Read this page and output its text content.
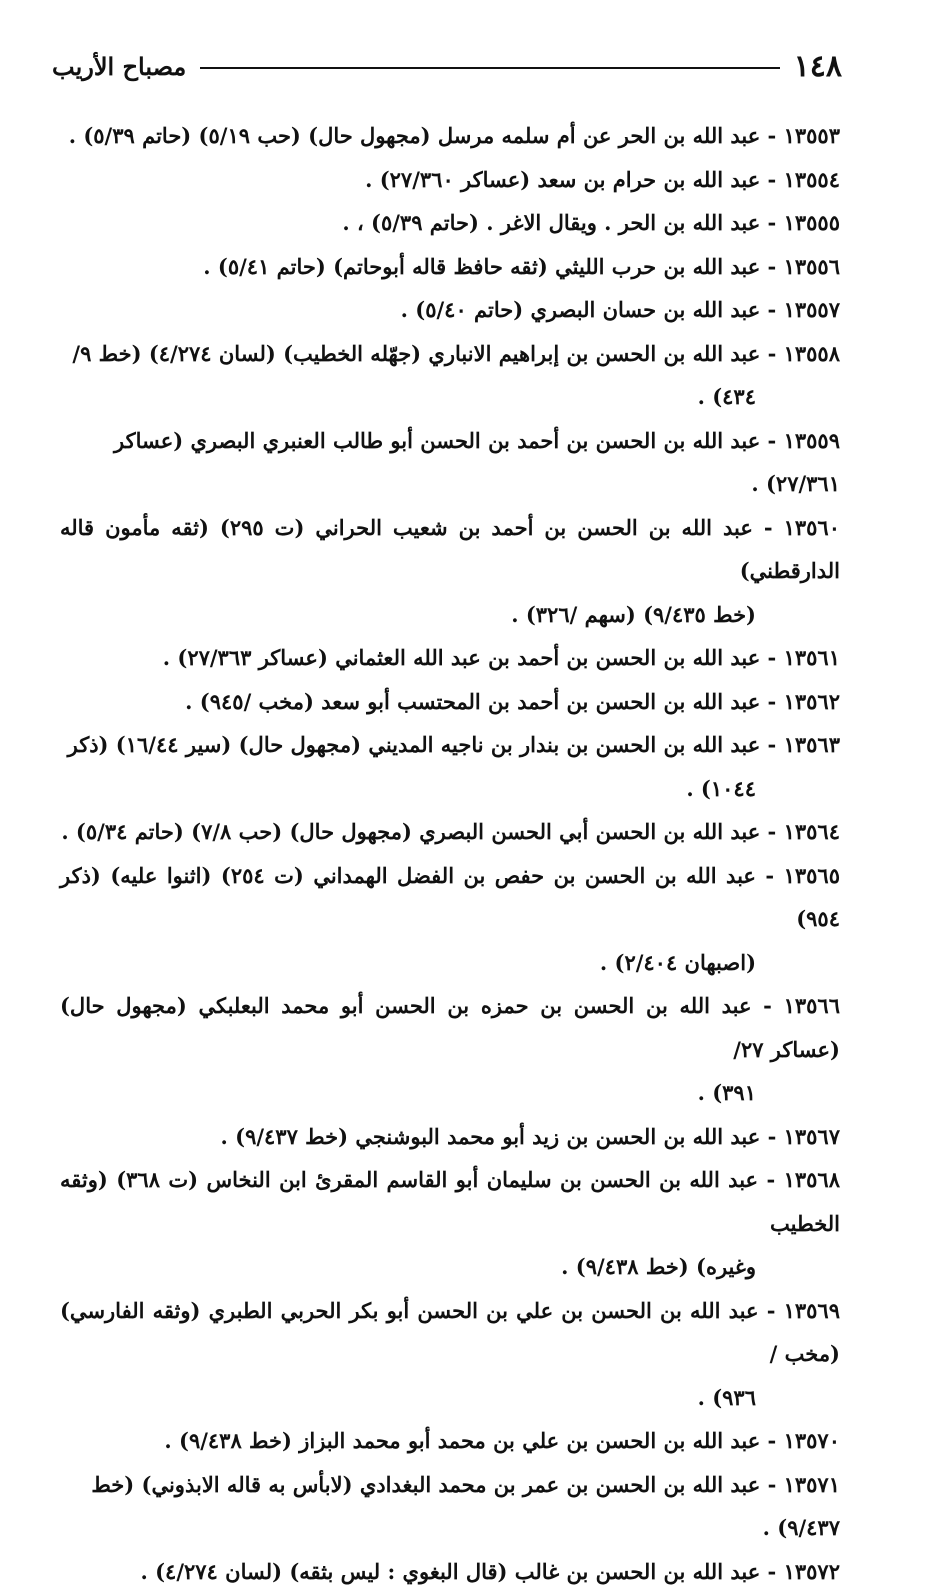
١٤٨
مصباح الأريب

١٣٥٥٣ - عبد الله بن الحر عن أم سلمه مرسل (مجهول حال) (حب ٥/١٩) (حاتم ٥/٣٩) .

١٣٥٥٤ - عبد الله بن حرام بن سعد (عساكر ٢٧/٣٦٠) .

١٣٥٥٥ - عبد الله بن الحر . ويقال الاغر . (حاتم ٥/٣٩) ، .

١٣٥٥٦ - عبد الله بن حرب الليثي (ثقه حافظ قاله أبوحاتم) (حاتم ٥/٤١) .

١٣٥٥٧ - عبد الله بن حسان البصري (حاتم ٥/٤٠) .

١٣٥٥٨ - عبد الله بن الحسن بن إبراهيم الانباري (جهّله الخطيب) (لسان ٤/٢٧٤) (خط ٩/
٤٣٤) .

١٣٥٥٩ - عبد الله بن الحسن بن أحمد بن الحسن أبو طالب العنبري البصري (عساكر ٢٧/٣٦١) .

١٣٥٦٠ - عبد الله بن الحسن بن أحمد بن شعيب الحراني (ت ٢٩٥) (ثقه مأمون قاله الدارقطني)
(خط ٩/٤٣٥) (سهم /٣٢٦) .

١٣٥٦١ - عبد الله بن الحسن بن أحمد بن عبد الله العثماني (عساكر ٢٧/٣٦٣) .

١٣٥٦٢ - عبد الله بن الحسن بن أحمد بن المحتسب أبو سعد (مخب /٩٤٥) .

١٣٥٦٣ - عبد الله بن الحسن بن بندار بن ناجيه المديني (مجهول حال) (سير ١٦/٤٤) (ذكر
١٠٤٤) .

١٣٥٦٤ - عبد الله بن الحسن أبي الحسن البصري (مجهول حال) (حب ٧/٨) (حاتم ٥/٣٤) .

١٣٥٦٥ - عبد الله بن الحسن بن حفص بن الفضل الهمداني (ت ٢٥٤) (اثنوا عليه) (ذكر ٩٥٤)
(اصبهان ٢/٤٠٤) .

١٣٥٦٦ - عبد الله بن الحسن بن حمزه بن الحسن أبو محمد البعلبكي (مجهول حال) (عساكر ٢٧/
٣٩١) .

١٣٥٦٧ - عبد الله بن الحسن بن زيد أبو محمد البوشنجي (خط ٩/٤٣٧) .

١٣٥٦٨ - عبد الله بن الحسن بن سليمان أبو القاسم المقرئ ابن النخاس (ت ٣٦٨) (وثقه الخطيب
وغيره) (خط ٩/٤٣٨) .

١٣٥٦٩ - عبد الله بن الحسن بن علي بن الحسن أبو بكر الحربي الطبري (وثقه الفارسي) (مخب /
٩٣٦) .

١٣٥٧٠ - عبد الله بن الحسن بن علي بن محمد أبو محمد البزاز (خط ٩/٤٣٨) .

١٣٥٧١ - عبد الله بن الحسن بن عمر بن محمد البغدادي (لابأس به قاله الابذوني) (خط ٩/٤٣٧) .

١٣٥٧٢ - عبد الله بن الحسن بن غالب (قال البغوي : ليس بثقه) (لسان ٤/٢٧٤) .
